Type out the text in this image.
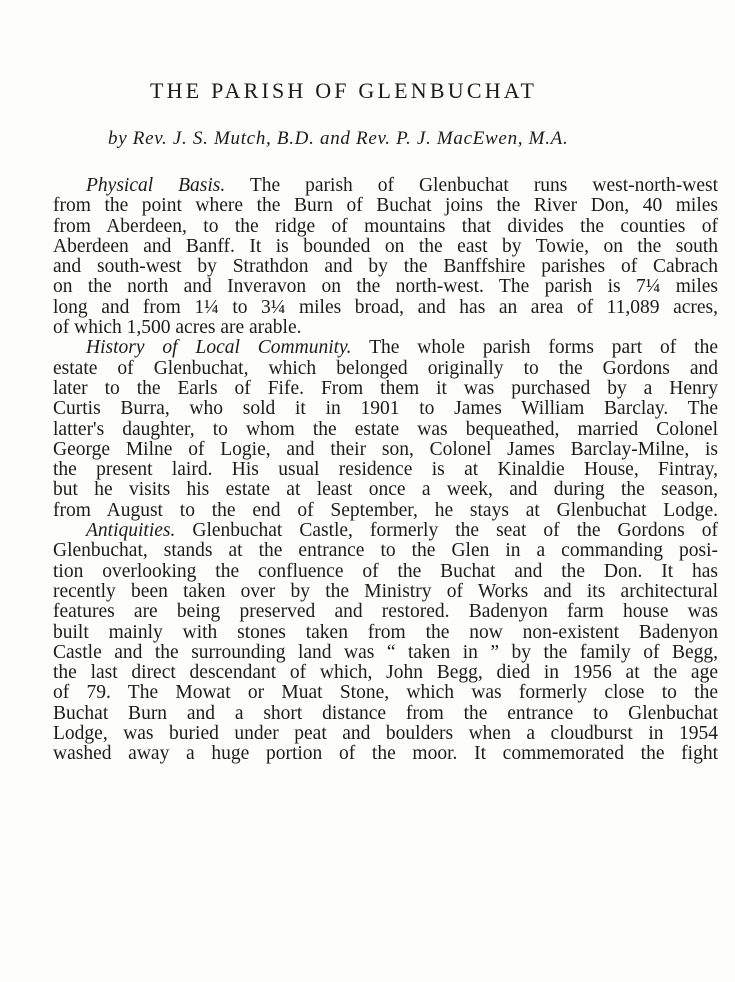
THE PARISH OF GLENBUCHAT

by Rev. J. S. Mutch, B.D. and Rev. P. J. MacEwen, M.A.

Physical Basis. The parish of Glenbuchat runs west-north-west
from the point where the Burn of Buchat joins the River Don, 40 miles
from Aberdeen, to the ridge of mountains that divides the counties of
Aberdeen and Banff. It is bounded on the east by Towie, on the south
and south-west by Strathdon and by the Banffshire parishes of Cabrach
on the north and Inveravon on the north-west. The parish is 7¼ miles
long and from 1¼ to 3¼ miles broad, and has an area of 11,089 acres,
of which 1,500 acres are arable.
History of Local Community. The whole parish forms part of the
estate of Glenbuchat, which belonged originally to the Gordons and
later to the Earls of Fife. From them it was purchased by a Henry
Curtis Burra, who sold it in 1901 to James William Barclay. The
latter's daughter, to whom the estate was bequeathed, married Colonel
George Milne of Logie, and their son, Colonel James Barclay-Milne, is
the present laird. His usual residence is at Kinaldie House, Fintray,
but he visits his estate at least once a week, and during the season,
from August to the end of September, he stays at Glenbuchat Lodge.
Antiquities. Glenbuchat Castle, formerly the seat of the Gordons of
Glenbuchat, stands at the entrance to the Glen in a commanding posi-
tion overlooking the confluence of the Buchat and the Don. It has
recently been taken over by the Ministry of Works and its architectural
features are being preserved and restored. Badenyon farm house was
built mainly with stones taken from the now non-existent Badenyon
Castle and the surrounding land was “ taken in ” by the family of Begg,
the last direct descendant of which, John Begg, died in 1956 at the age
of 79. The Mowat or Muat Stone, which was formerly close to the
Buchat Burn and a short distance from the entrance to Glenbuchat
Lodge, was buried under peat and boulders when a cloudburst in 1954
washed away a huge portion of the moor. It commemorated the fight
